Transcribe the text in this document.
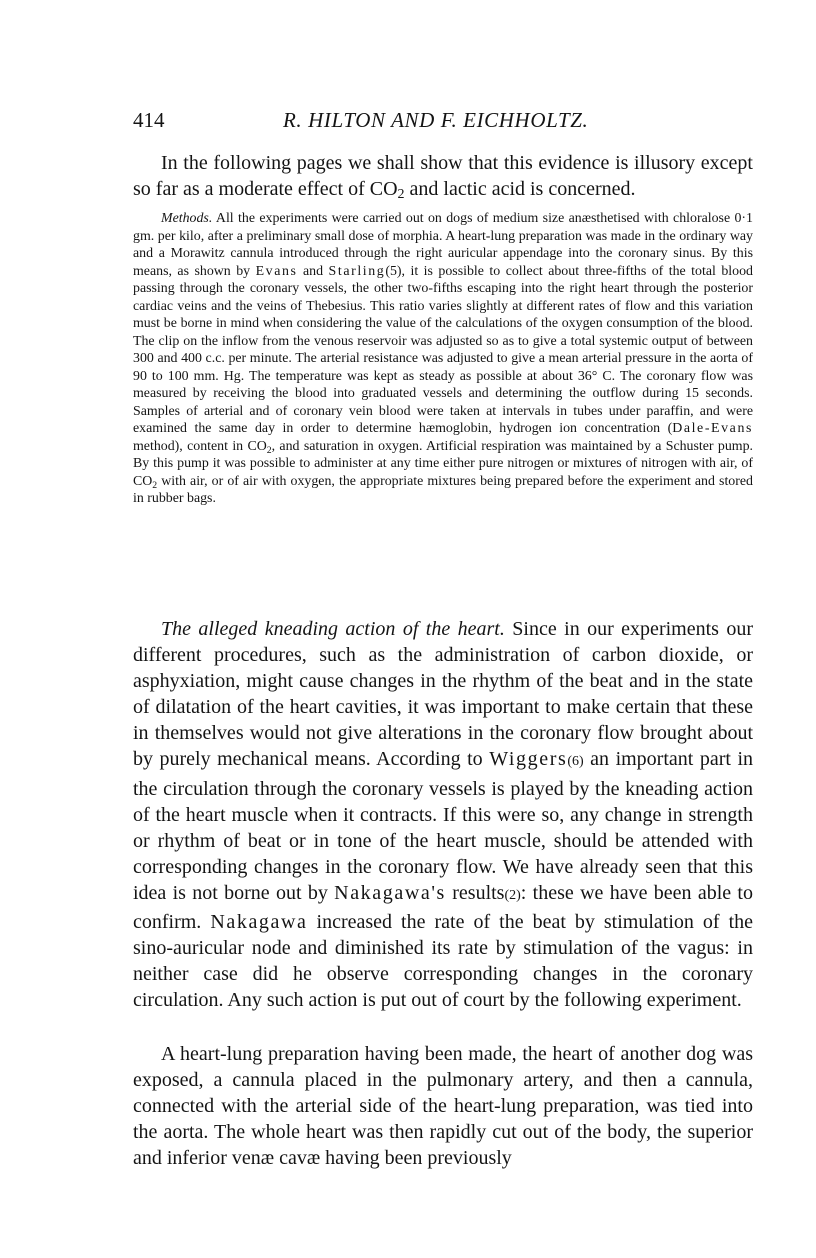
414	R. HILTON AND F. EICHHOLTZ.

In the following pages we shall show that this evidence is illusory except so far as a moderate effect of $CO_2$ and lactic acid is concerned.

Methods. All the experiments were carried out on dogs of medium size anæsthetised with chloralose 0·1 gm. per kilo, after a preliminary small dose of morphia. A heart-lung preparation was made in the ordinary way and a Morawitz cannula introduced through the right auricular appendage into the coronary sinus. By this means, as shown by Evans and Starling(5), it is possible to collect about three-fifths of the total blood passing through the coronary vessels, the other two-fifths escaping into the right heart through the posterior cardiac veins and the veins of Thebesius. This ratio varies slightly at different rates of flow and this variation must be borne in mind when considering the value of the calculations of the oxygen consumption of the blood. The clip on the inflow from the venous reservoir was adjusted so as to give a total systemic output of between 300 and 400 c.c. per minute. The arterial resistance was adjusted to give a mean arterial pressure in the aorta of 90 to 100 mm. Hg. The temperature was kept as steady as possible at about 36° C. The coronary flow was measured by receiving the blood into graduated vessels and determining the outflow during 15 seconds. Samples of arterial and of coronary vein blood were taken at intervals in tubes under paraffin, and were examined the same day in order to determine hæmoglobin, hydrogen ion concentration (Dale-Evans method), content in $CO_2$, and saturation in oxygen. Artificial respiration was maintained by a Schuster pump. By this pump it was possible to administer at any time either pure nitrogen or mixtures of nitrogen with air, of $CO_2$ with air, or of air with oxygen, the appropriate mixtures being prepared before the experiment and stored in rubber bags.

The alleged kneading action of the heart. Since in our experiments our different procedures, such as the administration of carbon dioxide, or asphyxiation, might cause changes in the rhythm of the beat and in the state of dilatation of the heart cavities, it was important to make certain that these in themselves would not give alterations in the coronary flow brought about by purely mechanical means. According to Wiggers(6) an important part in the circulation through the coronary vessels is played by the kneading action of the heart muscle when it contracts. If this were so, any change in strength or rhythm of beat or in tone of the heart muscle, should be attended with corresponding changes in the coronary flow. We have already seen that this idea is not borne out by Nakagawa's results(2): these we have been able to confirm. Nakagawa increased the rate of the beat by stimulation of the sino-auricular node and diminished its rate by stimulation of the vagus: in neither case did he observe corresponding changes in the coronary circulation. Any such action is put out of court by the following experiment.

A heart-lung preparation having been made, the heart of another dog was exposed, a cannula placed in the pulmonary artery, and then a cannula, connected with the arterial side of the heart-lung preparation, was tied into the aorta. The whole heart was then rapidly cut out of the body, the superior and inferior venæ cavæ having been previously
